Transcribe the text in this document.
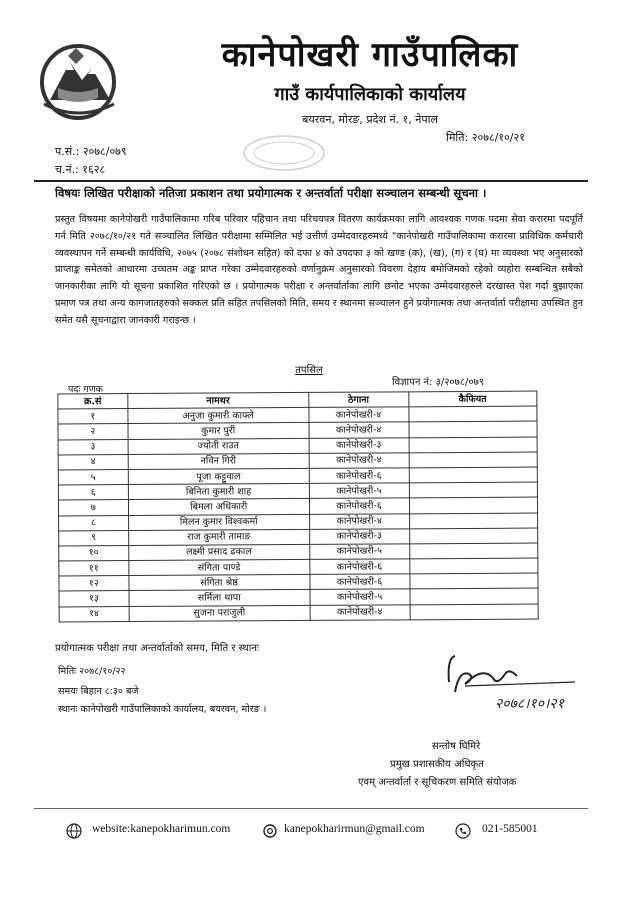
कानेपोखरी गाउँपालिका
गाउँ कार्यपालिकाको कार्यालय
बयरवन, मोरङ, प्रदेश नं. १, नेपाल
प.सं.: २०७८/०७९
च.नं.: १६२८
मिति: २०७८/१०/२१
विषयः लिखित परीक्षाको नतिजा प्रकाशन तथा प्रयोगात्मक र अन्तर्वार्ता परीक्षा सञ्चालन सम्बन्धी सूचना ।
प्रस्तुत विषयमा कानेपोखरी गाउँपालिकामा गरिब परिवार पहिचान तथा परिचयपत्र वितरण कार्यक्रमका लागि आवश्यक गणक पदमा सेवा करारमा पदपूर्ति गर्न मिति २०७८/१०/२१ गते सञ्चालित लिखित परीक्षामा सम्मिलित भई उत्तीर्ण उम्मेदवारहरुमध्ये "कानेपोखरी गाउँपालिकामा करारमा प्राविधिक कर्मचारी व्यवस्थापन गर्ने सम्बन्धी कार्यविधि, २०७५ (२०७८ संशोधन सहित) को दफा ४ को उपदफा ३ को खण्ड (क), (ख), (ग) र (घ) मा व्यवस्था भए अनुसारको प्राप्ताङ्क समेतको आधारमा उच्चतम अङ्क प्राप्त गरेका उम्मेदवारहरुको वर्णानुक्रम अनुसारको विवरण देहाय बमोजिमको रहेको व्यहोरा सम्बन्धित सबैको जानकारीका लागि यो सूचना प्रकाशित गरिएको छ । प्रयोगात्मक परीक्षा र अन्तर्वार्ताका लागि छनोट भएका उम्मेदवारहरुले दरखास्त पेश गर्दा बुझाएका प्रमाण पत्र तथा अन्य कागजातहरुको सक्कल प्रति सहित तपसिलको मिति, समय र स्थानमा सञ्चालन हुने प्रयोगात्मक तथा अन्तर्वार्ता परीक्षामा उपस्थित हुन समेत यसै सूचनाद्वारा जानकारी गराइन्छ ।
तपसिल
पदः गणक
विज्ञापन नं: ३/२०७८/०७९
क्र.सं	नामथर	ठेगाना	कैफियत
१	अनुजा कुमारी काफ्ले	कानेपोखरी-४	
२	कुमार पुरी	कानेपोखरी-४	
३	ज्योती राउत	कानेपोखरी-३	
४	नविन गिरी	कानेपोखरी-४	
५	पूजा कट्टुवाल	कानेपोखरी-६	
६	बिनिता कुमारी शाह	कानेपोखरी-५	
७	बिमला अधिकारी	कानेपोखरी-६	
८	मिलन कुमार विश्वकर्मा	कानेपोखरी-४	
९	राज कुमारी तामाङ	कानेपोखरी-३	
१०	लक्ष्मी प्रसाद ढकाल	कानेपोखरी-५	
११	संगिता पाण्डे	कानेपोखरी-६	
१२	संगिता श्रेष्ठ	कानेपोखरी-६	
१३	सर्मिला थापा	कानेपोखरी-५	
१४	सुजना पराजुली	कानेपोखरी-४	
प्रयोगात्मक परीक्षा तथा अन्तर्वार्ताको समय, मिति र स्थानः
मितिः २०७८/१०/२२
समयः बिहान ८:३० बजे
स्थानः कानेपोखरी गाउँपालिकाको कार्यालय, बयरवन, मोरङ ।	२०७८।१०।२१
सन्तोष घिमिरे
प्रमुख प्रशासकीय अधिकृत
एवम् अन्तर्वार्ता र सूचिकरण समिति संयोजक
website:kanepokharimun.com	kanepokharirmun@gmail.com	021-585001
